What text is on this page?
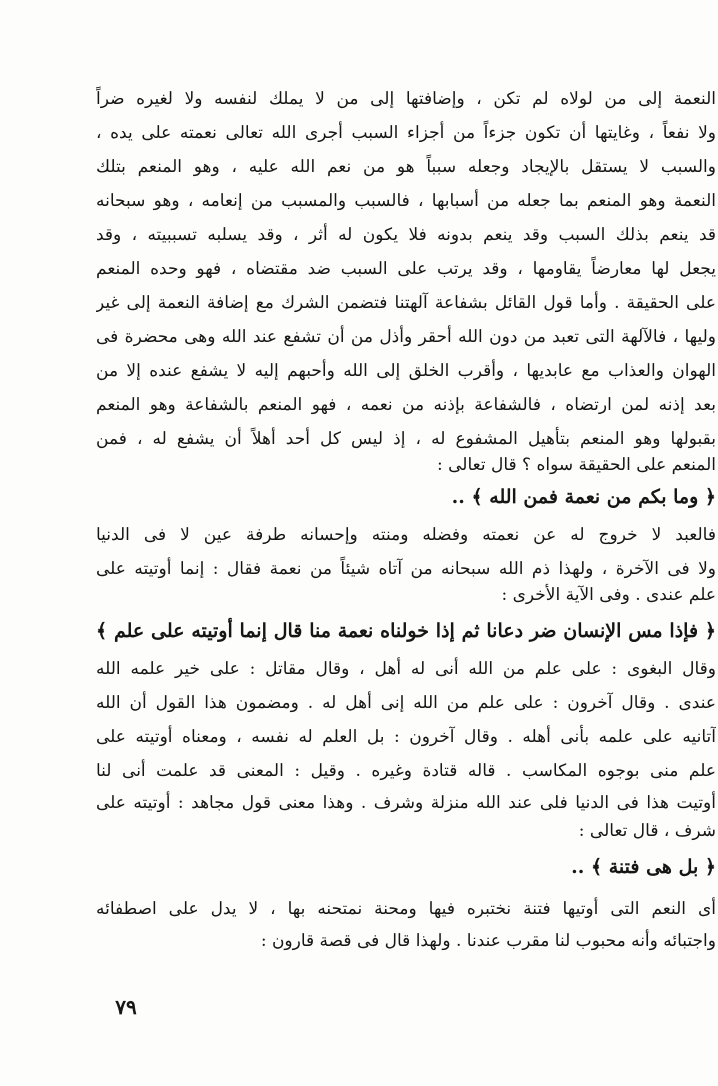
النعمة إلى من لولاه لم تكن ، وإضافتها إلى من لا يملك لنفسه ولا لغيره ضراً
ولا نفعاً ، وغايتها أن تكون جزءاً من أجزاء السبب أجرى الله تعالى نعمته على يده ،
والسبب لا يستقل بالإيجاد وجعله سبباً هو من نعم الله عليه ، وهو المنعم بتلك
النعمة وهو المنعم بما جعله من أسبابها ، فالسبب والمسبب من إنعامه ، وهو سبحانه
قد ينعم بذلك السبب وقد ينعم بدونه فلا يكون له أثر ، وقد يسلبه تسببيته ، وقد
يجعل لها معارضاً يقاومها ، وقد يرتب على السبب ضد مقتضاه ، فهو وحده المنعم
على الحقيقة . وأما قول القائل بشفاعة آلهتنا فتضمن الشرك مع إضافة النعمة إلى غير
وليها ، فالآلهة التى تعبد من دون الله أحقر وأذل من أن تشفع عند الله وهى محضرة فى
الهوان والعذاب مع عابديها ، وأقرب الخلق إلى الله وأحبهم إليه لا يشفع عنده إلا من
بعد إذنه لمن ارتضاه ، فالشفاعة بإذنه من نعمه ، فهو المنعم بالشفاعة وهو المنعم
بقبولها وهو المنعم بتأهيل المشفوع له ، إذ ليس كل أحد أهلاً أن يشفع له ، فمن
المنعم على الحقيقة سواه ؟ قال تعالى :
﴿ وما بكم من نعمة فمن الله ﴾ ..
فالعبد لا خروج له عن نعمته وفضله ومنته وإحسانه طرفة عين لا فى الدنيا
ولا فى الآخرة ، ولهذا ذم الله سبحانه من آتاه شيئاً من نعمة فقال : إنما أوتيته على
علم عندى . وفى الآية الأخرى :
﴿ فإذا مس الإنسان ضر دعانا ثم إذا خولناه نعمة منا قال إنما أوتيته على علم ﴾
وقال البغوى : على علم من الله أنى له أهل ، وقال مقاتل : على خير علمه الله
عندى . وقال آخرون : على علم من الله إنى أهل له . ومضمون هذا القول أن الله
آتانيه على علمه بأنى أهله . وقال آخرون : بل العلم له نفسه ، ومعناه أوتيته على
علم منى بوجوه المكاسب . قاله قتادة وغيره . وقيل : المعنى قد علمت أنى لنا
أوتيت هذا فى الدنيا فلى عند الله منزلة وشرف . وهذا معنى قول مجاهد : أوتيته على
شرف ، قال تعالى :
﴿ بل هى فتنة ﴾ ..
أى النعم التى أوتيها فتنة نختبره فيها ومحنة نمتحنه بها ، لا يدل على اصطفائه
واجتبائه وأنه محبوب لنا مقرب عندنا . ولهذا قال فى قصة قارون :
٧٩
